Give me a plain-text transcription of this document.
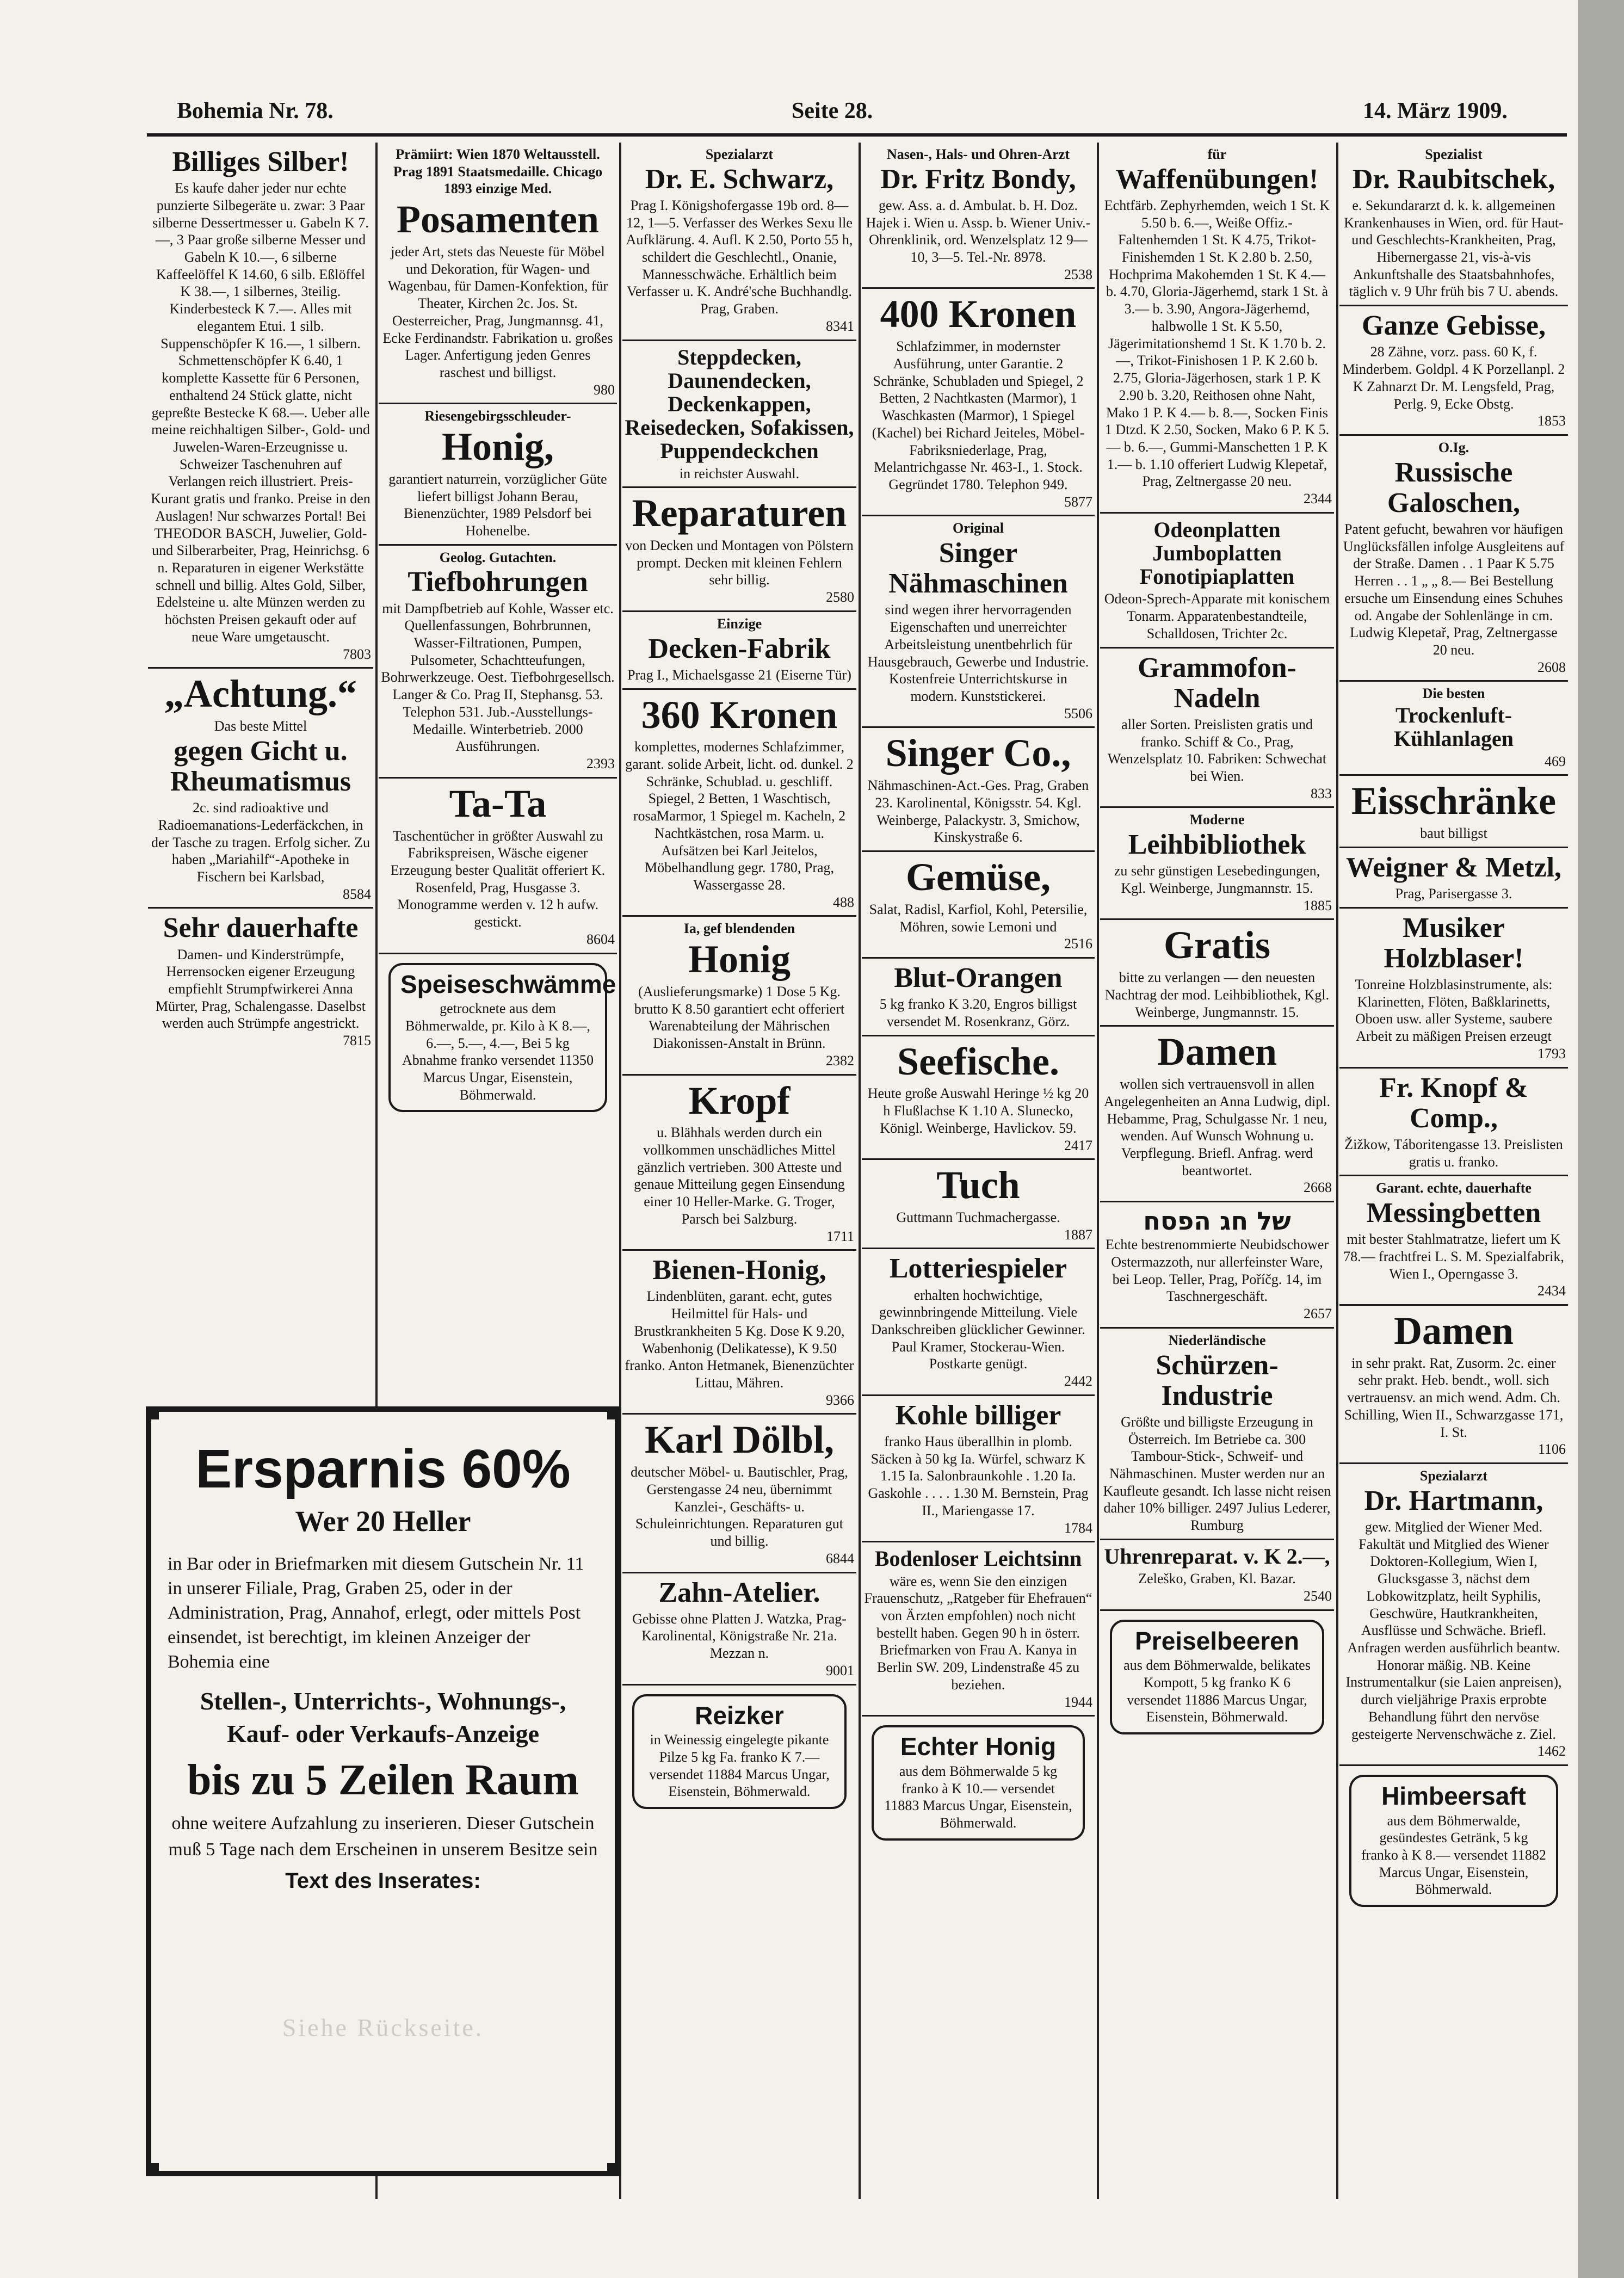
Bohemia Nr. 78.	Seite 28.	14. März 1909.
Billiges Silber!
Es kaufe daher jeder nur echte punzierte Silbegeräte u. zwar: 3 Paar silberne Dessertmesser u. Gabeln K 7.—, 3 Paar große silberne Messer und Gabeln K 10.—, 6 silberne Kaffeelöffel K 14.60, 6 silb. Eßlöffel K 38.—, 1 silbernes, 3teilig. Kinderbesteck K 7.—. Alles mit elegantem Etui. 1 silb. Suppenschöpfer K 16.—, 1 silbern. Schmettenschöpfer K 6.40, 1 komplette Kassette für 6 Personen, enthaltend 24 Stück glatte, nicht gepreßte Bestecke K 68.—. Ueber alle meine reichhaltigen Silber-, Gold- und Juwelen-Waren-Erzeugnisse u. Schweizer Taschenuhren auf Verlangen reich illustriert. Preis-Kurant gratis und franko. Preise in den Auslagen! Nur schwarzes Portal! Bei
THEODOR BASCH, Juwelier, Gold- und Silberarbeiter, Prag, Heinrichsg. 6 n. Reparaturen in eigener Werkstätte schnell und billig. Altes Gold, Silber, Edelsteine u. alte Münzen werden zu höchsten Preisen gekauft oder auf neue Ware umgetauscht.
7803
„Achtung.“
Das beste Mittel
gegen Gicht u. Rheumatismus
2c. sind radioaktive und Radioemanations-Lederfäckchen, in der Tasche zu tragen. Erfolg sicher. Zu haben „Mariahilf“-Apotheke in Fischern bei Karlsbad,
8584
Sehr dauerhafte
Damen- und Kinderstrümpfe, Herrensocken eigener Erzeugung empfiehlt Strumpfwirkerei Anna Mürter, Prag, Schalengasse. Daselbst werden auch Strümpfe angestrickt.
7815
Prämiirt: Wien 1870 Weltausstell. Prag 1891 Staatsmedaille. Chicago 1893 einzige Med.
Posamenten
jeder Art, stets das Neueste für Möbel und Dekoration, für Wagen- und Wagenbau, für Damen-Konfektion, für Theater, Kirchen 2c. Jos. St. Oesterreicher, Prag, Jungmannsg. 41, Ecke Ferdinandstr. Fabrikation u. großes Lager. Anfertigung jeden Genres raschest und billigst.
980
Riesengebirgsschleuder-
Honig,
garantiert naturrein, vorzüglicher Güte liefert billigst Johann Berau, Bienenzüchter, 1989 Pelsdorf bei Hohenelbe.
Geolog. Gutachten.
Tiefbohrungen
mit Dampfbetrieb auf Kohle, Wasser etc. Quellenfassungen, Bohrbrunnen, Wasser-Filtrationen, Pumpen, Pulsometer, Schachtteufungen, Bohrwerkzeuge. Oest. Tiefbohrgesellsch. Langer & Co. Prag II, Stephansg. 53. Telephon 531. Jub.-Ausstellungs-Medaille. Winterbetrieb. 2000 Ausführungen.
2393
Ta-Ta
Taschentücher in größter Auswahl zu Fabrikspreisen, Wäsche eigener Erzeugung bester Qualität offeriert K. Rosenfeld, Prag, Husgasse 3. Monogramme werden v. 12 h aufw. gestickt.
8604
Speiseschwämme
getrocknete aus dem Böhmerwalde, pr. Kilo à K 8.—, 6.—, 5.—, 4.—, Bei 5 kg Abnahme franko versendet 11350 Marcus Ungar, Eisenstein, Böhmerwald.
Spezialarzt
Dr. E. Schwarz,
Prag I. Königshofergasse 19b ord. 8—12, 1—5. Verfasser des Werkes Sexu lle Aufklärung. 4. Aufl. K 2.50, Porto 55 h, schildert die Geschlechtl., Onanie, Mannesschwäche. Erhältlich beim Verfasser u. K. André'sche Buchhandlg. Prag, Graben.
8341
Steppdecken, Daunendecken, Deckenkappen, Reisedecken, Sofakissen, Puppendeckchen
in reichster Auswahl.
Reparaturen
von Decken und Montagen von Pölstern prompt. Decken mit kleinen Fehlern sehr billig.
2580
Einzige
Decken-Fabrik
Prag I., Michaelsgasse 21 (Eiserne Tür)
360 Kronen
komplettes, modernes Schlafzimmer, garant. solide Arbeit, licht. od. dunkel. 2 Schränke, Schublad. u. geschliff. Spiegel, 2 Betten, 1 Waschtisch, rosaMarmor, 1 Spiegel m. Kacheln, 2 Nachtkästchen, rosa Marm. u. Aufsätzen bei Karl Jeitelos, Möbelhandlung gegr. 1780, Prag, Wassergasse 28.
488
Ia, gef blendenden
Honig
(Auslieferungsmarke) 1 Dose 5 Kg. brutto K 8.50 garantiert echt offeriert Warenabteilung der Mährischen Diakonissen-Anstalt in Brünn.
2382
Kropf
u. Blähhals werden durch ein vollkommen unschädliches Mittel gänzlich vertrieben. 300 Atteste und genaue Mitteilung gegen Einsendung einer 10 Heller-Marke. G. Troger, Parsch bei Salzburg.
1711
Bienen-Honig,
Lindenblüten, garant. echt, gutes Heilmittel für Hals- und Brustkrankheiten 5 Kg. Dose K 9.20, Wabenhonig (Delikatesse), K 9.50 franko. Anton Hetmanek, Bienenzüchter Littau, Mähren.
9366
Karl Dölbl,
deutscher Möbel- u. Bautischler, Prag, Gerstengasse 24 neu, übernimmt Kanzlei-, Geschäfts- u. Schuleinrichtungen. Reparaturen gut und billig.
6844
Zahn-Atelier.
Gebisse ohne Platten J. Watzka, Prag-Karolinental, Königstraße Nr. 21a. Mezzan n.
9001
Reizker
in Weinessig eingelegte pikante Pilze 5 kg Fa. franko K 7.— versendet 11884 Marcus Ungar, Eisenstein, Böhmerwald.
Nasen-, Hals- und Ohren-Arzt
Dr. Fritz Bondy,
gew. Ass. a. d. Ambulat. b. H. Doz. Hajek i. Wien u. Assp. b. Wiener Univ.-Ohrenklinik, ord. Wenzelsplatz 12 9—10, 3—5. Tel.-Nr. 8978.
2538
400 Kronen
Schlafzimmer, in modernster Ausführung, unter Garantie. 2 Schränke, Schubladen und Spiegel, 2 Betten, 2 Nachtkasten (Marmor), 1 Waschkasten (Marmor), 1 Spiegel (Kachel) bei Richard Jeiteles, Möbel-Fabriksniederlage, Prag, Melantrichgasse Nr. 463-I., 1. Stock. Gegründet 1780. Telephon 949.
5877
Original
Singer Nähmaschinen
sind wegen ihrer hervorragenden Eigenschaften und unerreichter Arbeitsleistung unentbehrlich für Hausgebrauch, Gewerbe und Industrie. Kostenfreie Unterrichtskurse in modern. Kunststickerei.
5506
Singer Co.,
Nähmaschinen-Act.-Ges. Prag, Graben 23. Karolinental, Königsstr. 54. Kgl. Weinberge, Palackystr. 3, Smichow, Kinskystraße 6.
Gemüse,
Salat, Radisl, Karfiol, Kohl, Petersilie, Möhren, sowie Lemoni und
2516
Blut-Orangen
5 kg franko K 3.20, Engros billigst versendet M. Rosenkranz, Görz.
Seefische.
Heute große Auswahl Heringe ½ kg 20 h Flußlachse K 1.10 A. Slunecko, Königl. Weinberge, Havlickov. 59.
2417
Tuch
Guttmann Tuchmachergasse.
1887
Lotteriespieler
erhalten hochwichtige, gewinnbringende Mitteilung. Viele Dankschreiben glücklicher Gewinner. Paul Kramer, Stockerau-Wien. Postkarte genügt.
2442
Kohle billiger
franko Haus überallhin in plomb. Säcken à 50 kg Ia. Würfel, schwarz K 1.15 Ia. Salonbraunkohle . 1.20 Ia. Gaskohle . . . . 1.30 M. Bernstein, Prag II., Mariengasse 17.
1784
Bodenloser Leichtsinn
wäre es, wenn Sie den einzigen Frauenschutz, „Ratgeber für Ehefrauen“ von Ärzten empfohlen) noch nicht bestellt haben. Gegen 90 h in österr. Briefmarken von Frau A. Kanya in Berlin SW. 209, Lindenstraße 45 zu beziehen.
1944
Echter Honig
aus dem Böhmerwalde 5 kg franko à K 10.— versendet 11883 Marcus Ungar, Eisenstein, Böhmerwald.
für
Waffenübungen!
Echtfärb. Zephyrhemden, weich 1 St. K 5.50 b. 6.—, Weiße Offiz.-Faltenhemden 1 St. K 4.75, Trikot-Finishemden 1 St. K 2.80 b. 2.50, Hochprima Makohemden 1 St. K 4.— b. 4.70, Gloria-Jägerhemd, stark 1 St. à 3.— b. 3.90, Angora-Jägerhemd, halbwolle 1 St. K 5.50, Jägerimitationshemd 1 St. K 1.70 b. 2.—, Trikot-Finishosen 1 P. K 2.60 b. 2.75, Gloria-Jägerhosen, stark 1 P. K 2.90 b. 3.20, Reithosen ohne Naht, Mako 1 P. K 4.— b. 8.—, Socken Finis 1 Dtzd. K 2.50, Socken, Mako 6 P. K 5.— b. 6.—, Gummi-Manschetten 1 P. K 1.— b. 1.10 offeriert Ludwig Klepetař, Prag, Zeltnergasse 20 neu.
2344
Odeonplatten Jumboplatten Fonotipiaplatten
Odeon-Sprech-Apparate mit konischem Tonarm. Apparatenbestandteile, Schalldosen, Trichter 2c.
Grammofon-Nadeln
aller Sorten. Preislisten gratis und franko. Schiff & Co., Prag, Wenzelsplatz 10. Fabriken: Schwechat bei Wien.
833
Moderne
Leihbibliothek
zu sehr günstigen Lesebedingungen, Kgl. Weinberge, Jungmannstr. 15.
1885
Gratis
bitte zu verlangen — den neuesten Nachtrag der mod. Leihbibliothek, Kgl. Weinberge, Jungmannstr. 15.
Damen
wollen sich vertrauensvoll in allen Angelegenheiten an Anna Ludwig, dipl. Hebamme, Prag, Schulgasse Nr. 1 neu, wenden. Auf Wunsch Wohnung u. Verpflegung. Briefl. Anfrag. werd beantwortet.
2668
של חג הפסח
Echte bestrenommierte Neubidschower Ostermazzoth, nur allerfeinster Ware, bei Leop. Teller, Prag, Poříčg. 14, im Taschnergeschäft.
2657
Niederländische
Schürzen-Industrie
Größte und billigste Erzeugung in Österreich. Im Betriebe ca. 300 Tambour-Stick-, Schweif- und Nähmaschinen. Muster werden nur an Kaufleute gesandt. Ich lasse nicht reisen daher 10% billiger. 2497 Julius Lederer, Rumburg
Uhrenreparat. v. K 2.—,
Zeleško, Graben, Kl. Bazar.
2540
Preiselbeeren
aus dem Böhmerwalde, belikates Kompott, 5 kg franko K 6 versendet 11886 Marcus Ungar, Eisenstein, Böhmerwald.
Spezialist
Dr. Raubitschek,
e. Sekundararzt d. k. k. allgemeinen Krankenhauses in Wien, ord. für Haut- und Geschlechts-Krankheiten, Prag, Hibernergasse 21, vis-à-vis Ankunftshalle des Staatsbahnhofes, täglich v. 9 Uhr früh bis 7 U. abends.
Ganze Gebisse,
28 Zähne, vorz. pass. 60 K, f. Minderbem. Goldpl. 4 K Porzellanpl. 2 K Zahnarzt Dr. M. Lengsfeld, Prag, Perlg. 9, Ecke Obstg.
1853
O.Ig.
Russische Galoschen,
Patent gefucht, bewahren vor häufigen Unglücksfällen infolge Ausgleitens auf der Straße. Damen . . 1 Paar K 5.75 Herren . . 1 „ „ 8.— Bei Bestellung ersuche um Einsendung eines Schuhes od. Angabe der Sohlenlänge in cm.
Ludwig Klepetař, Prag, Zeltnergasse 20 neu.
2608
Die besten
Trockenluft-Kühlanlagen
469
Eisschränke
baut billigst
Weigner & Metzl,
Prag, Parisergasse 3.
Musiker Holzblaser!
Tonreine Holzblasinstrumente, als: Klarinetten, Flöten, Baßklarinetts, Oboen usw. aller Systeme, saubere Arbeit zu mäßigen Preisen erzeugt
1793
Fr. Knopf & Comp.,
Žižkow, Táboritengasse 13. Preislisten gratis u. franko.
Garant. echte, dauerhafte
Messingbetten
mit bester Stahlmatratze, liefert um K 78.— frachtfrei L. S. M. Spezialfabrik, Wien I., Operngasse 3.
2434
Damen
in sehr prakt. Rat, Zusorm. 2c. einer sehr prakt. Heb. bendt., woll. sich vertrauensv. an mich wend. Adm. Ch. Schilling, Wien II., Schwarzgasse 171, I. St.
1106
Spezialarzt
Dr. Hartmann,
gew. Mitglied der Wiener Med. Fakultät und Mitglied des Wiener Doktoren-Kollegium, Wien I, Glucksgasse 3, nächst dem Lobkowitzplatz, heilt Syphilis, Geschwüre, Hautkrankheiten, Ausflüsse und Schwäche. Briefl. Anfragen werden ausführlich beantw. Honorar mäßig. NB. Keine Instrumentalkur (sie Laien anpreisen), durch vieljährige Praxis erprobte Behandlung führt den nervöse gesteigerte Nervenschwäche z. Ziel.
1462
Himbeersaft
aus dem Böhmerwalde, gesündestes Getränk, 5 kg franko à K 8.— versendet 11882 Marcus Ungar, Eisenstein, Böhmerwald.
Ersparnis 60%
Wer 20 Heller
in Bar oder in Briefmarken mit diesem Gutschein Nr. 11 in unserer Filiale, Prag, Graben 25, oder in der Administration, Prag, Annahof, erlegt, oder mittels Post einsendet, ist berechtigt, im kleinen Anzeiger der Bohemia eine
Stellen-, Unterrichts-, Wohnungs-, Kauf- oder Verkaufs-Anzeige
bis zu 5 Zeilen Raum
ohne weitere Aufzahlung zu inserieren. Dieser Gutschein muß 5 Tage nach dem Erscheinen in unserem Besitze sein
Text des Inserates:
Siehe Rückseite.
